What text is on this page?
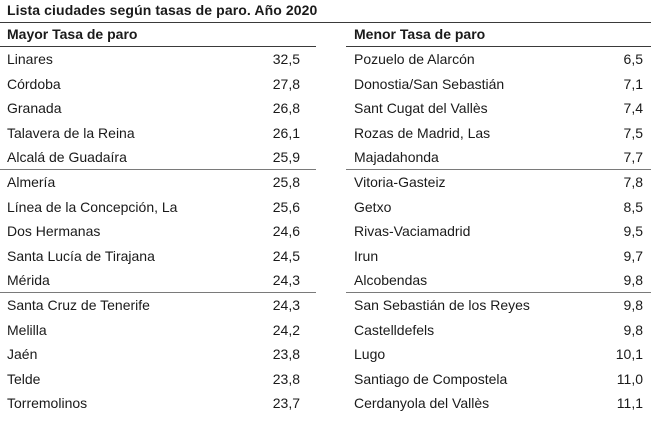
Lista ciudades según tasas de paro. Año 2020
Mayor Tasa de paro
Linares	32,5
Córdoba	27,8
Granada	26,8
Talavera de la Reina	26,1
Alcalá de Guadaíra	25,9
Almería	25,8
Línea de la Concepción, La	25,6
Dos Hermanas	24,6
Santa Lucía de Tirajana	24,5
Mérida	24,3
Santa Cruz de Tenerife	24,3
Melilla	24,2
Jaén	23,8
Telde	23,8
Torremolinos	23,7
Menor Tasa de paro
Pozuelo de Alarcón	6,5
Donostia/San Sebastián	7,1
Sant Cugat del Vallès	7,4
Rozas de Madrid, Las	7,5
Majadahonda	7,7
Vitoria-Gasteiz	7,8
Getxo	8,5
Rivas-Vaciamadrid	9,5
Irun	9,7
Alcobendas	9,8
San Sebastián de los Reyes	9,8
Castelldefels	9,8
Lugo	10,1
Santiago de Compostela	11,0
Cerdanyola del Vallès	11,1
